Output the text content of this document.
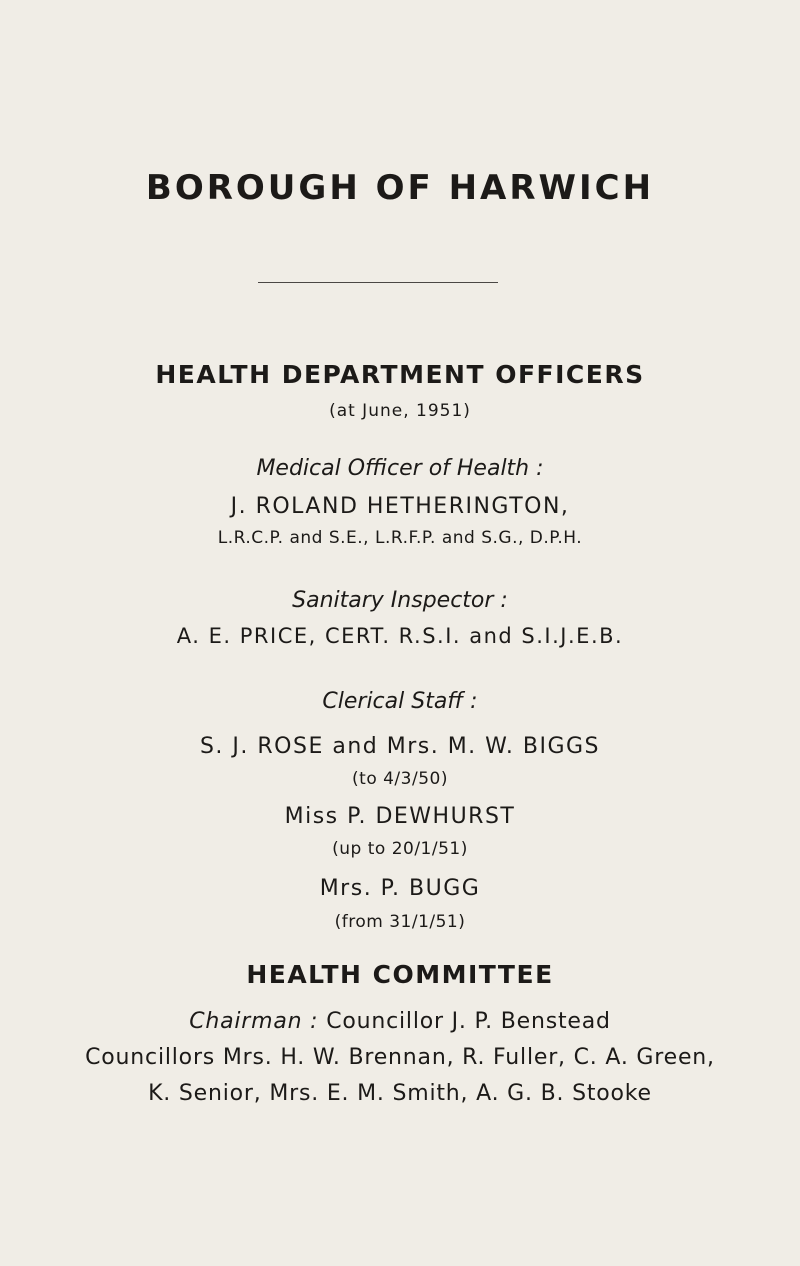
BOROUGH OF HARWICH
HEALTH DEPARTMENT OFFICERS
(at June, 1951)
Medical Officer of Health :
J. ROLAND HETHERINGTON,
L.R.C.P. and S.E., L.R.F.P. and S.G., D.P.H.
Sanitary Inspector :
A. E. PRICE, CERT. R.S.I. and S.I.J.E.B.
Clerical Staff :
S. J. ROSE and Mrs. M. W. BIGGS
(to 4/3/50)
Miss P. DEWHURST
(up to 20/1/51)
Mrs. P. BUGG
(from 31/1/51)
HEALTH COMMITTEE
Chairman : Councillor J. P. Benstead
Councillors Mrs. H. W. Brennan, R. Fuller, C. A. Green,
K. Senior, Mrs. E. M. Smith, A. G. B. Stooke
